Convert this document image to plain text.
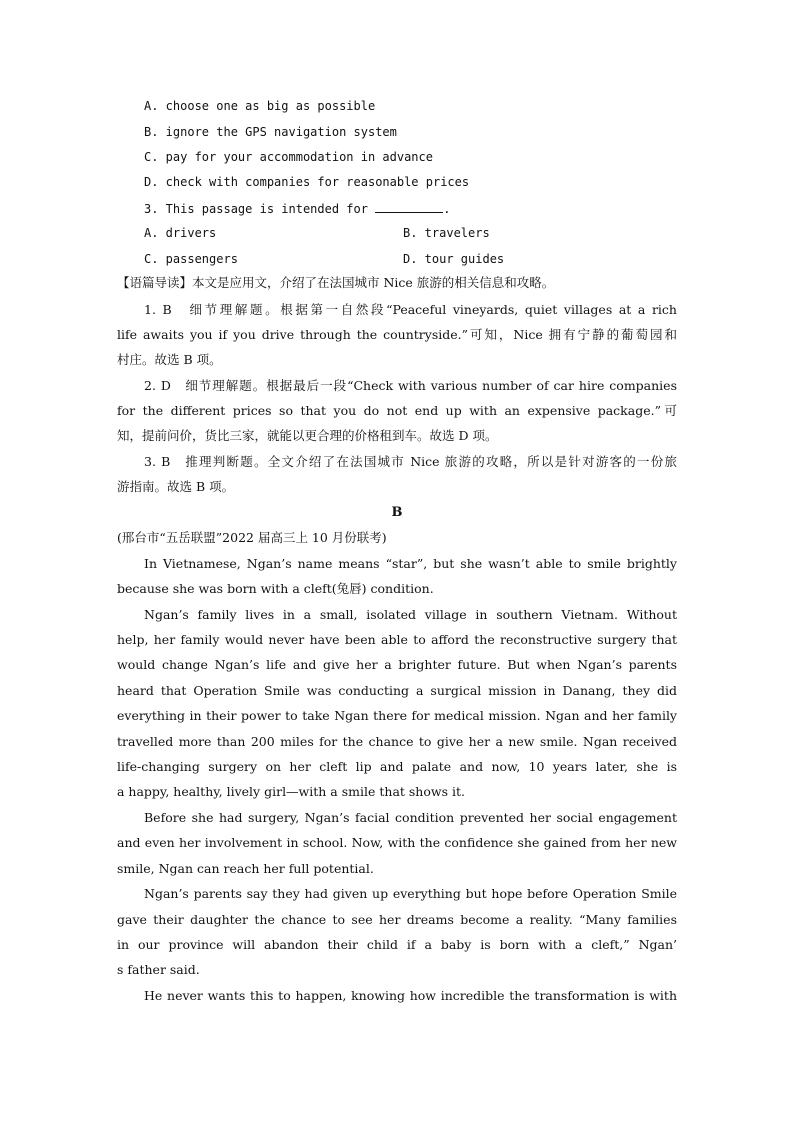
A. choose one as big as possible
B. ignore the GPS navigation system
C. pay for your accommodation in advance
D. check with companies for reasonable prices
3. This passage is intended for	.
A. drivers	B. travelers
C. passengers	D. tour guides
【语篇导读】本文是应用文，介绍了在法国城市 Nice 旅游的相关信息和攻略。
1. B　细节理解题。根据第一自然段“Peaceful vineyards, quiet villages at a rich
life awaits you if you drive through the countryside.”可知，Nice 拥有宁静的葡萄园和
村庄。故选 B 项。
2. D　细节理解题。根据最后一段“Check with various number of car hire companies
for the different prices so that you do not end up with an expensive package.”可
知，提前问价，货比三家，就能以更合理的价格租到车。故选 D 项。
3. B　推理判断题。全文介绍了在法国城市 Nice 旅游的攻略，所以是针对游客的一份旅
游指南。故选 B 项。
B
(邢台市“五岳联盟”2022 届高三上 10 月份联考)
In Vietnamese, Ngan’s name means “star”, but she wasn’t able to smile brightly
because she was born with a cleft(兔唇) condition.
Ngan’s family lives in a small, isolated village in southern Vietnam. Without
help, her family would never have been able to afford the reconstructive surgery that
would change Ngan’s life and give her a brighter future. But when Ngan’s parents
heard that Operation Smile was conducting a surgical mission in Danang, they did
everything in their power to take Ngan there for medical mission. Ngan and her family
travelled more than 200 miles for the chance to give her a new smile. Ngan received
life-changing surgery on her cleft lip and palate and now, 10 years later, she is
a happy, healthy, lively girl—with a smile that shows it.
Before she had surgery, Ngan’s facial condition prevented her social engagement
and even her involvement in school. Now, with the confidence she gained from her new
smile, Ngan can reach her full potential.
Ngan’s parents say they had given up everything but hope before Operation Smile
gave their daughter the chance to see her dreams become a reality. “Many families
in our province will abandon their child if a baby is born with a cleft,” Ngan’
s father said.
He never wants this to happen, knowing how incredible the transformation is with
